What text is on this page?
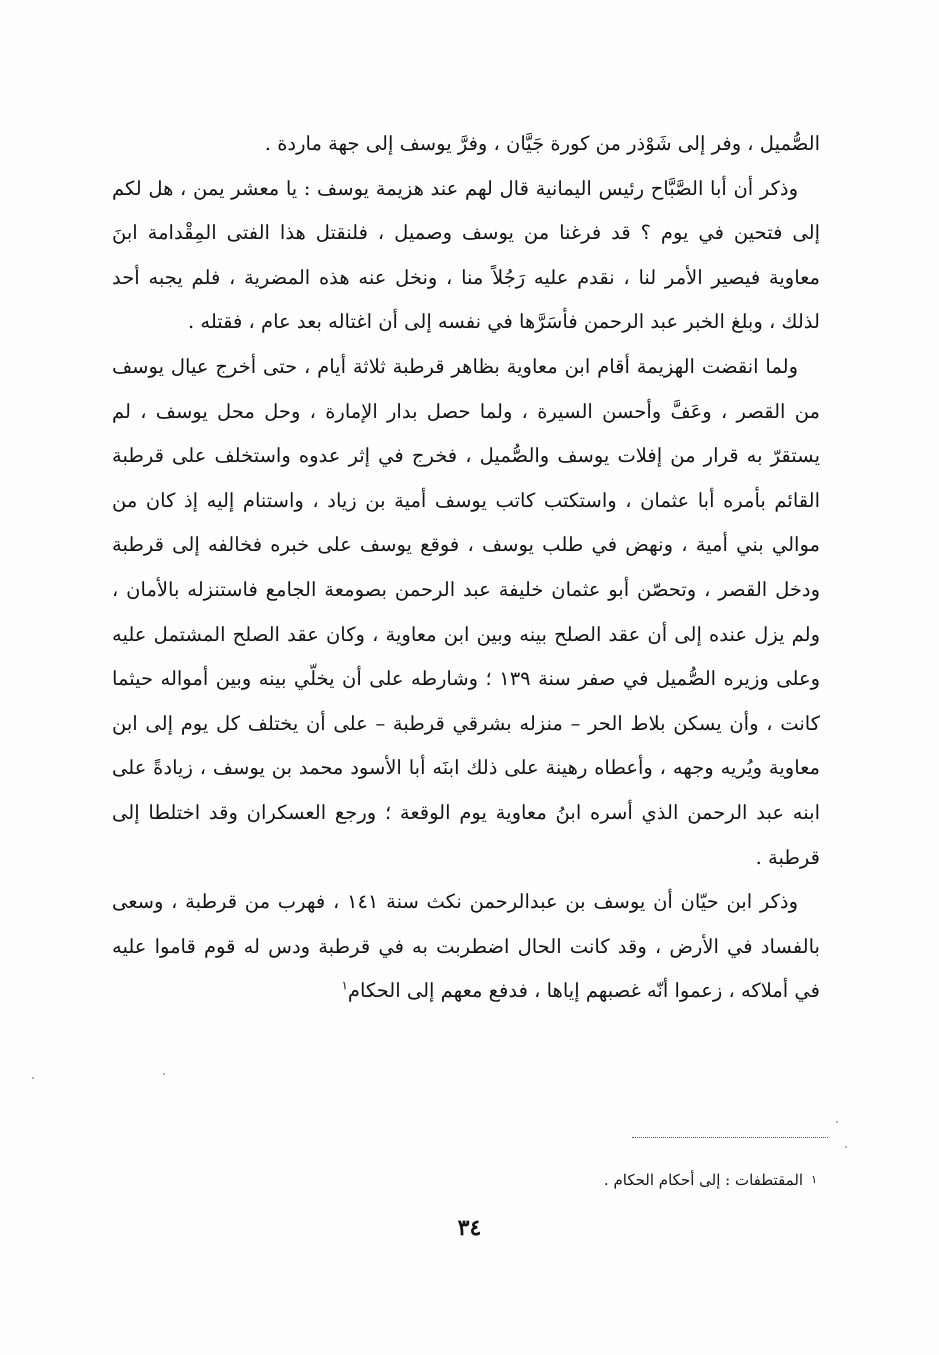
الصُّميل ، وفر إلى شَوْذر من كورة جَيَّان ، وفرَّ يوسف إلى جهة ماردة .

وذكر أن أبا الصَّبَّاح رئيس اليمانية قال لهم عند هزيمة يوسف : يا معشر يمن ، هل لكم إلى فتحين في يوم ؟ قد فرغنا من يوسف وصميل ، فلنقتل هذا الفتى المِقْدامة ابنَ معاوية فيصير الأمر لنا ، نقدم عليه رَجُلاً منا ، ونخل عنه هذه المضرية ، فلم يجبه أحد لذلك ، وبلغ الخبر عبد الرحمن فأسَرَّها في نفسه إلى أن اغتاله بعد عام ، فقتله .

ولما انقضت الهزيمة أقام ابن معاوية بظاهر قرطبة ثلاثة أيام ، حتى أخرج عيال يوسف من القصر ، وعَفَّ وأحسن السيرة ، ولما حصل بدار الإمارة ، وحل محل يوسف ، لم يستقرّ به قرار من إفلات يوسف والصُّميل ، فخرج في إثر عدوه واستخلف على قرطبة القائم بأمره أبا عثمان ، واستكتب كاتب يوسف أمية بن زياد ، واستنام إليه إذ كان من موالي بني أمية ، ونهض في طلب يوسف ، فوقع يوسف على خبره فخالفه إلى قرطبة ودخل القصر ، وتحصّن أبو عثمان خليفة عبد الرحمن بصومعة الجامع فاستنزله بالأمان ، ولم يزل عنده إلى أن عقد الصلح بينه وبين ابن معاوية ، وكان عقد الصلح المشتمل عليه وعلى وزيره الصُّميل في صفر سنة ١٣٩ ؛ وشارطه على أن يخلّي بينه وبين أمواله حيثما كانت ، وأن يسكن بلاط الحر – منزله بشرقي قرطبة – على أن يختلف كل يوم إلى ابن معاوية ويُريه وجهه ، وأعطاه رهينة على ذلك ابنَه أبا الأسود محمد بن يوسف ، زيادةً على ابنه عبد الرحمن الذي أسره ابنُ معاوية يوم الوقعة ؛ ورجع العسكران وقد اختلطا إلى قرطبة .

وذكر ابن حيّان أن يوسف بن عبدالرحمن نكث سنة ١٤١ ، فهرب من قرطبة ، وسعى بالفساد في الأرض ، وقد كانت الحال اضطربت به في قرطبة ودس له قوم قاموا عليه في أملاكه ، زعموا أنّه غصبهم إياها ، فدفع معهم إلى الحكام$^١$

$^١$المقتطفات : إلى أحكام الحكام .
٣٤
